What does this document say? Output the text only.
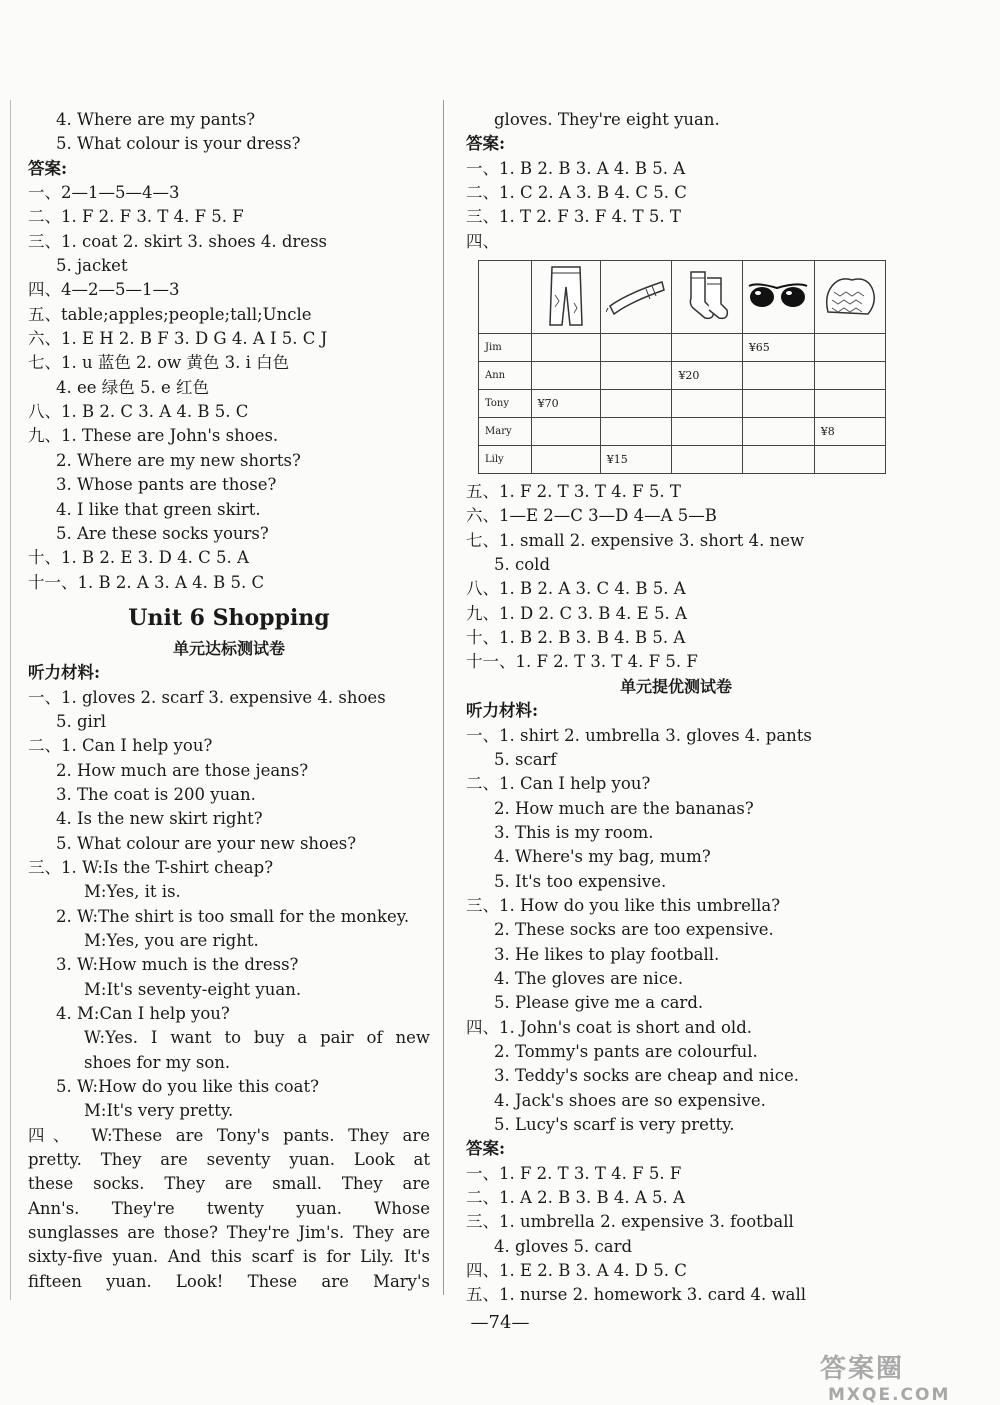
4. Where are my pants?
5. What colour is your dress?
答案:
一、2—1—5—4—3
二、1. F 2. F 3. T 4. F 5. F
三、1. coat 2. skirt 3. shoes 4. dress
5. jacket
四、4—2—5—1—3
五、table;apples;people;tall;Uncle
六、1. E H 2. B F 3. D G 4. A I 5. C J
七、1. u 蓝色 2. ow 黄色 3. i 白色
4. ee 绿色 5. e 红色
八、1. B 2. C 3. A 4. B 5. C
九、1. These are John's shoes.
2. Where are my new shorts?
3. Whose pants are those?
4. I like that green skirt.
5. Are these socks yours?
十、1. B 2. E 3. D 4. C 5. A
十一、1. B 2. A 3. A 4. B 5. C
Unit 6 Shopping
单元达标测试卷
听力材料:
一、1. gloves 2. scarf 3. expensive 4. shoes
5. girl
二、1. Can I help you?
2. How much are those jeans?
3. The coat is 200 yuan.
4. Is the new skirt right?
5. What colour are your new shoes?
三、1. W:Is the T-shirt cheap?
M:Yes, it is.
2. W:The shirt is too small for the monkey.
M:Yes, you are right.
3. W:How much is the dress?
M:It's seventy-eight yuan.
4. M:Can I help you?
W:Yes. I want to buy a pair of new
shoes for my son.
5. W:How do you like this coat?
M:It's very pretty.
四、 W:These are Tony's pants. They are
pretty. They are seventy yuan. Look at
these socks. They are small. They are
Ann's. They're twenty yuan. Whose
sunglasses are those? They're Jim's. They are
sixty-five yuan. And this scarf is for Lily. It's
fifteen yuan. Look! These are Mary's
gloves. They're eight yuan.
答案:
一、1. B 2. B 3. A 4. B 5. A
二、1. C 2. A 3. B 4. C 5. C
三、1. T 2. F 3. F 4. T 5. T
四、

Jim				¥65	
Ann			¥20		
Tony	¥70				
Mary					¥8
Lily		¥15			
五、1. F 2. T 3. T 4. F 5. T
六、1—E 2—C 3—D 4—A 5—B
七、1. small 2. expensive 3. short 4. new
5. cold
八、1. B 2. A 3. C 4. B 5. A
九、1. D 2. C 3. B 4. E 5. A
十、1. B 2. B 3. B 4. B 5. A
十一、1. F 2. T 3. T 4. F 5. F
单元提优测试卷
听力材料:
一、1. shirt 2. umbrella 3. gloves 4. pants
5. scarf
二、1. Can I help you?
2. How much are the bananas?
3. This is my room.
4. Where's my bag, mum?
5. It's too expensive.
三、1. How do you like this umbrella?
2. These socks are too expensive.
3. He likes to play football.
4. The gloves are nice.
5. Please give me a card.
四、1. John's coat is short and old.
2. Tommy's pants are colourful.
3. Teddy's socks are cheap and nice.
4. Jack's shoes are so expensive.
5. Lucy's scarf is very pretty.
答案:
一、1. F 2. T 3. T 4. F 5. F
二、1. A 2. B 3. B 4. A 5. A
三、1. umbrella 2. expensive 3. football
4. gloves 5. card
四、1. E 2. B 3. A 4. D 5. C
五、1. nurse 2. homework 3. card 4. wall
—74—
答案圈
MXQE.COM
